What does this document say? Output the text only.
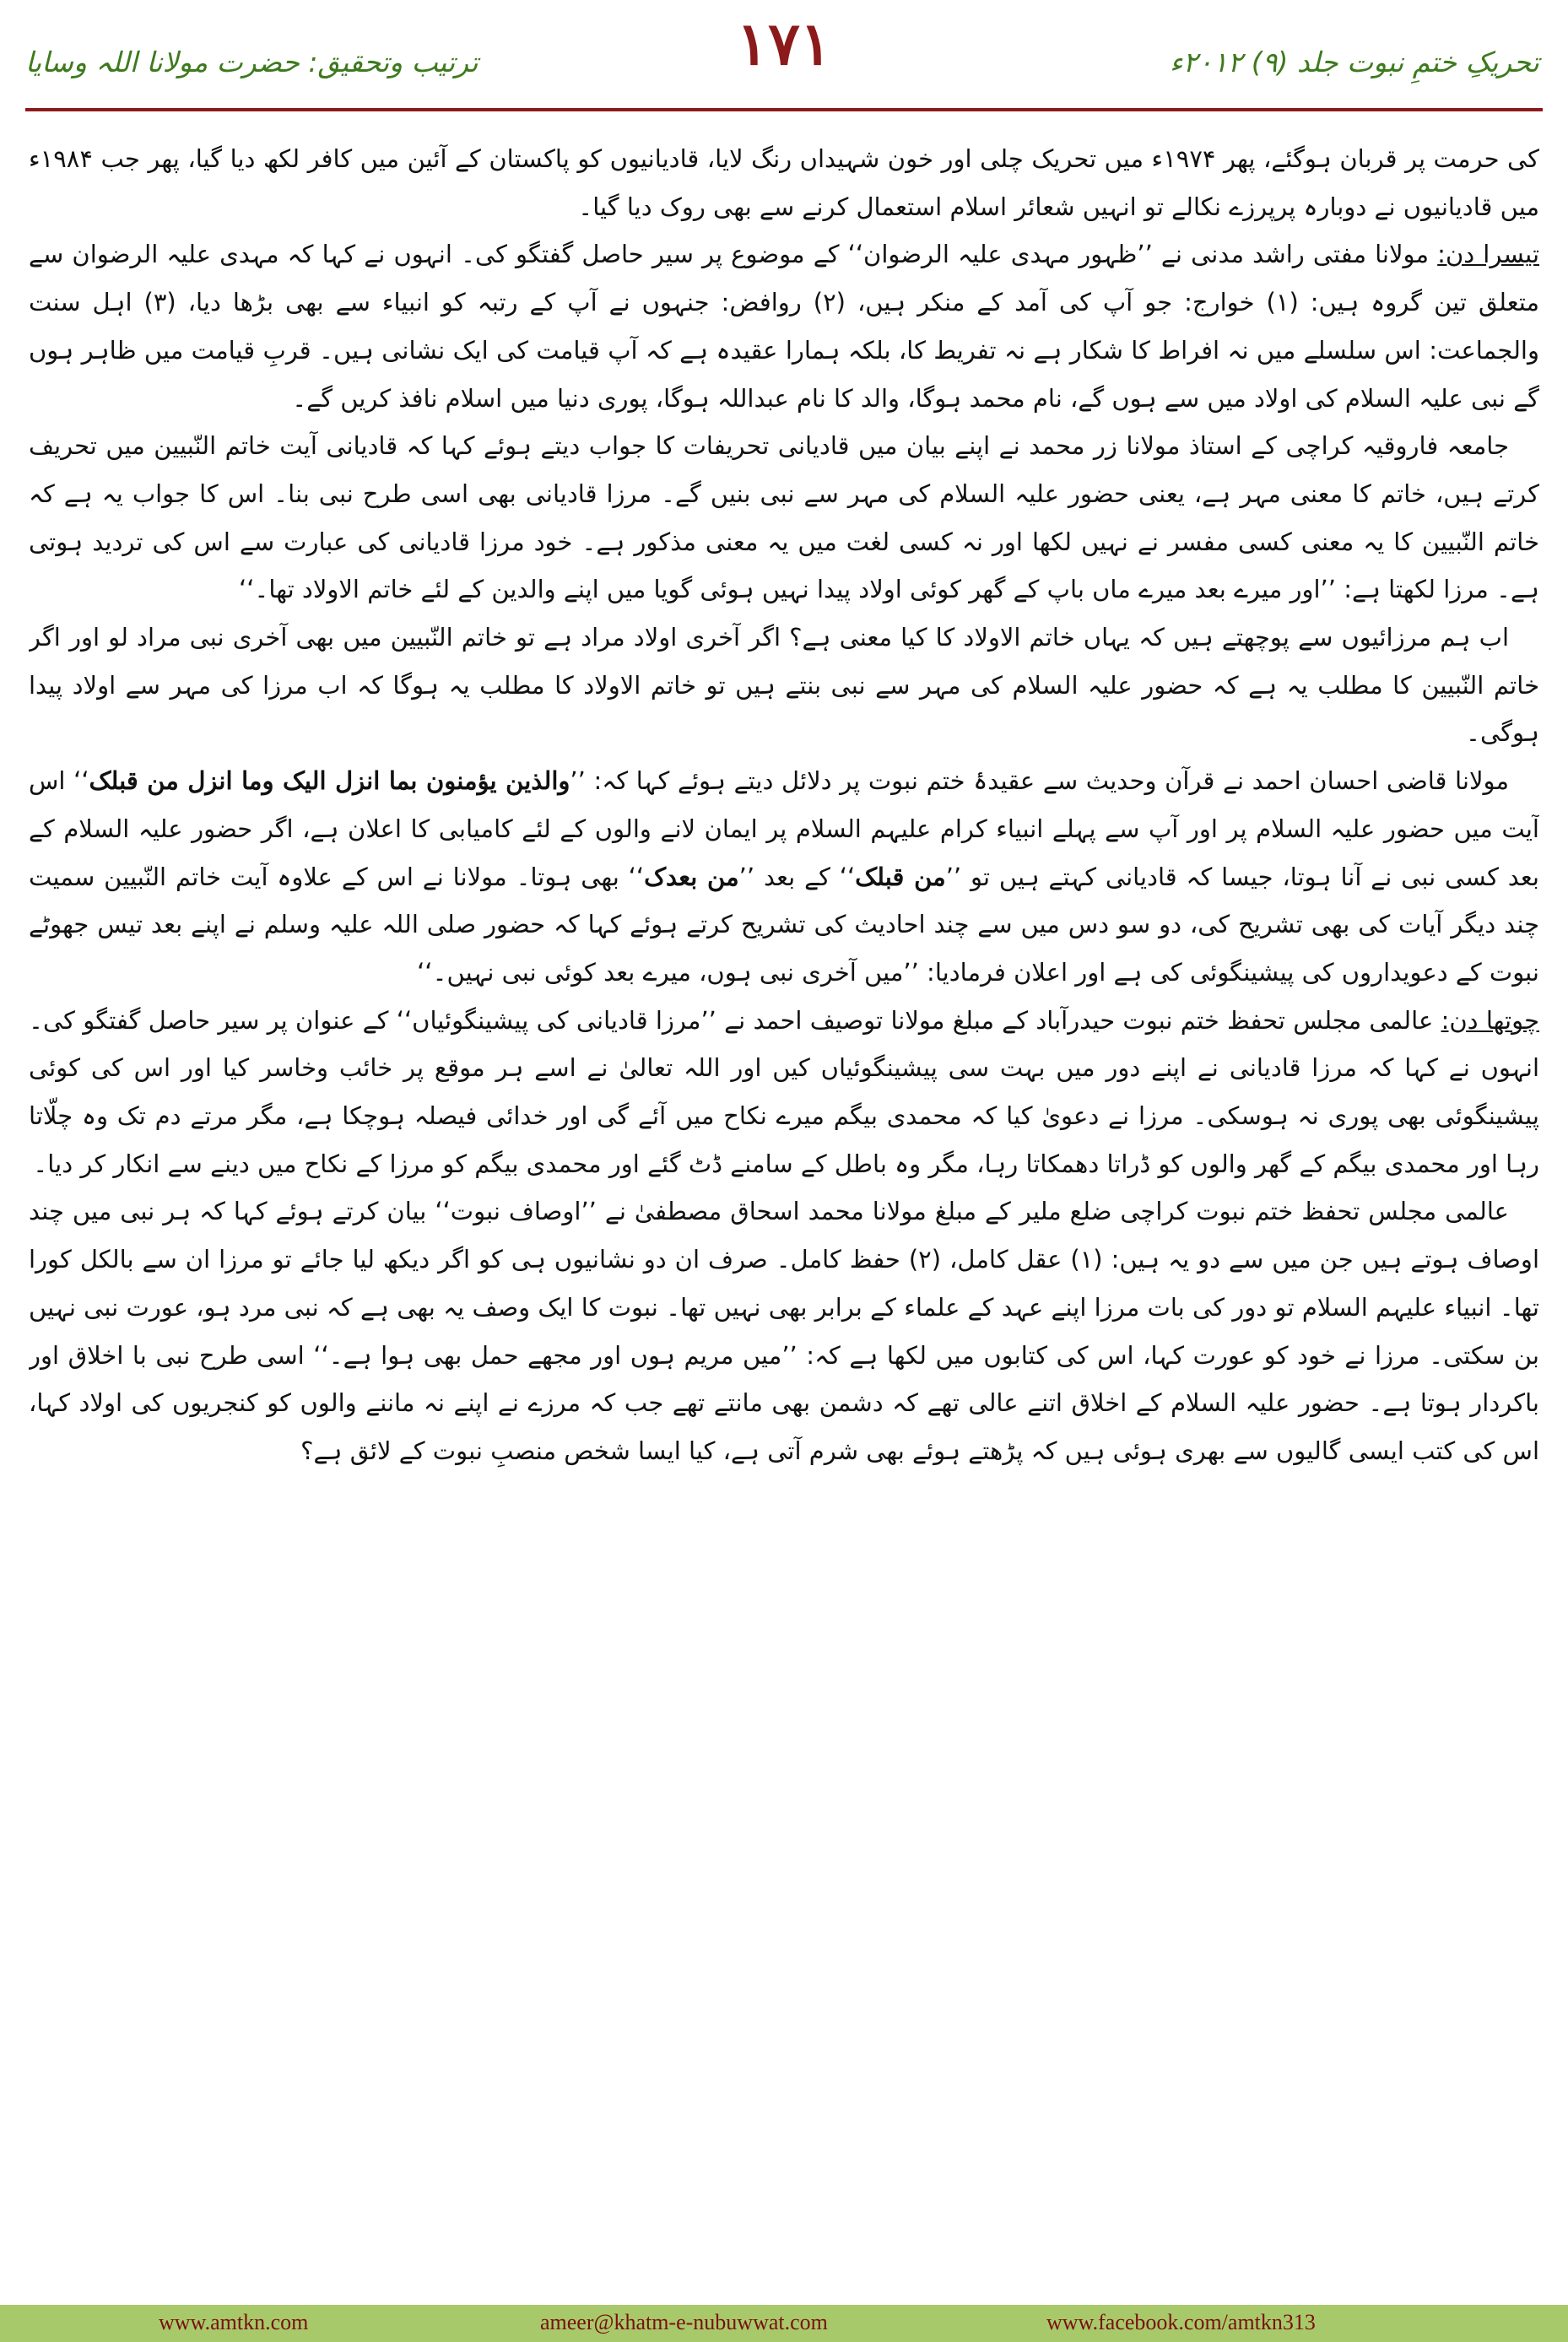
تحریکِ ختمِ نبوت جلد (۹) ۲۰۱۲ء
۱۷۱
ترتیب وتحقیق: حضرت مولانا اللہ وسایا

کی حرمت پر قربان ہوگئے، پھر ۱۹۷۴ء میں تحریک چلی اور خون شہیداں رنگ لایا، قادیانیوں کو پاکستان کے آئین میں کافر لکھ دیا گیا، پھر جب ۱۹۸۴ء میں قادیانیوں نے دوبارہ پرپرزے نکالے تو انہیں شعائر اسلام استعمال کرنے سے بھی روک دیا گیا۔

تیسرا دن: مولانا مفتی راشد مدنی نے ’’ظہور مہدی علیہ الرضوان‘‘ کے موضوع پر سیر حاصل گفتگو کی۔ انہوں نے کہا کہ مہدی علیہ الرضوان سے متعلق تین گروہ ہیں: (۱) خوارج: جو آپ کی آمد کے منکر ہیں، (۲) روافض: جنہوں نے آپ کے رتبہ کو انبیاء سے بھی بڑھا دیا، (۳) اہل سنت والجماعت: اس سلسلے میں نہ افراط کا شکار ہے نہ تفریط کا، بلکہ ہمارا عقیدہ ہے کہ آپ قیامت کی ایک نشانی ہیں۔ قربِ قیامت میں ظاہر ہوں گے نبی علیہ السلام کی اولاد میں سے ہوں گے، نام محمد ہوگا، والد کا نام عبداللہ ہوگا، پوری دنیا میں اسلام نافذ کریں گے۔

جامعہ فاروقیہ کراچی کے استاذ مولانا زر محمد نے اپنے بیان میں قادیانی تحریفات کا جواب دیتے ہوئے کہا کہ قادیانی آیت خاتم النّبیین میں تحریف کرتے ہیں، خاتم کا معنی مہر ہے، یعنی حضور علیہ السلام کی مہر سے نبی بنیں گے۔ مرزا قادیانی بھی اسی طرح نبی بنا۔ اس کا جواب یہ ہے کہ خاتم النّبیین کا یہ معنی کسی مفسر نے نہیں لکھا اور نہ کسی لغت میں یہ معنی مذکور ہے۔ خود مرزا قادیانی کی عبارت سے اس کی تردید ہوتی ہے۔ مرزا لکھتا ہے: ’’اور میرے بعد میرے ماں باپ کے گھر کوئی اولاد پیدا نہیں ہوئی گویا میں اپنے والدین کے لئے خاتم الاولاد تھا۔‘‘

اب ہم مرزائیوں سے پوچھتے ہیں کہ یہاں خاتم الاولاد کا کیا معنی ہے؟ اگر آخری اولاد مراد ہے تو خاتم النّبیین میں بھی آخری نبی مراد لو اور اگر خاتم النّبیین کا مطلب یہ ہے کہ حضور علیہ السلام کی مہر سے نبی بنتے ہیں تو خاتم الاولاد کا مطلب یہ ہوگا کہ اب مرزا کی مہر سے اولاد پیدا ہوگی۔

مولانا قاضی احسان احمد نے قرآن وحدیث سے عقیدۂ ختم نبوت پر دلائل دیتے ہوئے کہا کہ: ’’والذین یؤمنون بما انزل الیک وما انزل من قبلک‘‘ اس آیت میں حضور علیہ السلام پر اور آپ سے پہلے انبیاء کرام علیہم السلام پر ایمان لانے والوں کے لئے کامیابی کا اعلان ہے، اگر حضور علیہ السلام کے بعد کسی نبی نے آنا ہوتا، جیسا کہ قادیانی کہتے ہیں تو ’’من قبلک‘‘ کے بعد ’’من بعدک‘‘ بھی ہوتا۔ مولانا نے اس کے علاوہ آیت خاتم النّبیین سمیت چند دیگر آیات کی بھی تشریح کی، دو سو دس میں سے چند احادیث کی تشریح کرتے ہوئے کہا کہ حضور صلی اللہ علیہ وسلم نے اپنے بعد تیس جھوٹے نبوت کے دعویداروں کی پیشینگوئی کی ہے اور اعلان فرمادیا: ’’میں آخری نبی ہوں، میرے بعد کوئی نبی نہیں۔‘‘

چوتھا دن: عالمی مجلس تحفظ ختم نبوت حیدرآباد کے مبلغ مولانا توصیف احمد نے ’’مرزا قادیانی کی پیشینگوئیاں‘‘ کے عنوان پر سیر حاصل گفتگو کی۔ انہوں نے کہا کہ مرزا قادیانی نے اپنے دور میں بہت سی پیشینگوئیاں کیں اور اللہ تعالیٰ نے اسے ہر موقع پر خائب وخاسر کیا اور اس کی کوئی پیشینگوئی بھی پوری نہ ہوسکی۔ مرزا نے دعویٰ کیا کہ محمدی بیگم میرے نکاح میں آئے گی اور خدائی فیصلہ ہوچکا ہے، مگر مرتے دم تک وہ چلّاتا رہا اور محمدی بیگم کے گھر والوں کو ڈراتا دھمکاتا رہا، مگر وہ باطل کے سامنے ڈٹ گئے اور محمدی بیگم کو مرزا کے نکاح میں دینے سے انکار کر دیا۔

عالمی مجلس تحفظ ختم نبوت کراچی ضلع ملیر کے مبلغ مولانا محمد اسحاق مصطفیٰ نے ’’اوصاف نبوت‘‘ بیان کرتے ہوئے کہا کہ ہر نبی میں چند اوصاف ہوتے ہیں جن میں سے دو یہ ہیں: (۱) عقل کامل، (۲) حفظ کامل۔ صرف ان دو نشانیوں ہی کو اگر دیکھ لیا جائے تو مرزا ان سے بالکل کورا تھا۔ انبیاء علیہم السلام تو دور کی بات مرزا اپنے عہد کے علماء کے برابر بھی نہیں تھا۔ نبوت کا ایک وصف یہ بھی ہے کہ نبی مرد ہو، عورت نبی نہیں بن سکتی۔ مرزا نے خود کو عورت کہا، اس کی کتابوں میں لکھا ہے کہ: ’’میں مریم ہوں اور مجھے حمل بھی ہوا ہے۔‘‘ اسی طرح نبی با اخلاق اور باکردار ہوتا ہے۔ حضور علیہ السلام کے اخلاق اتنے عالی تھے کہ دشمن بھی مانتے تھے جب کہ مرزے نے اپنے نہ ماننے والوں کو کنجریوں کی اولاد کہا، اس کی کتب ایسی گالیوں سے بھری ہوئی ہیں کہ پڑھتے ہوئے بھی شرم آتی ہے، کیا ایسا شخص منصبِ نبوت کے لائق ہے؟

www.amtkn.com	ameer@khatm-e-nubuwwat.com	www.facebook.com/amtkn313
